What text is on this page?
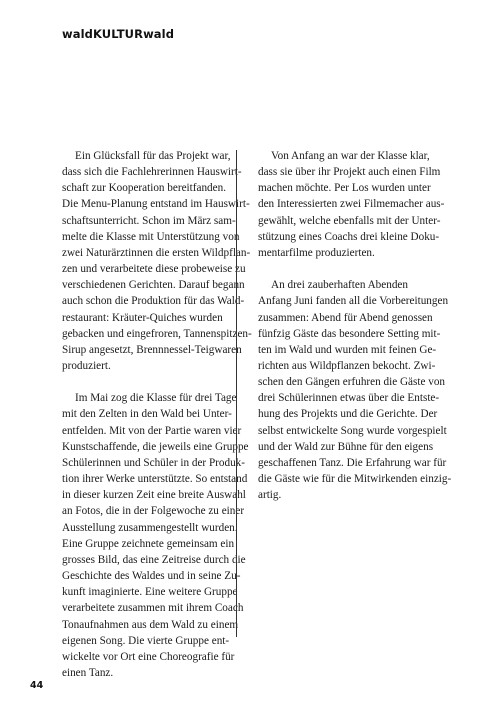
waldKULTURwald

Ein Glücksfall für das Projekt war,
dass sich die Fachlehrerinnen Hauswirt-
schaft zur Kooperation bereitfanden.
Die Menu-Planung entstand im Hauswirt-
schaftsunterricht. Schon im März sam-
melte die Klasse mit Unterstützung von
zwei Naturärztinnen die ersten Wildpflan-
zen und verarbeitete diese probeweise zu
verschiedenen Gerichten. Darauf begann
auch schon die Produktion für das Wald-
restaurant: Kräuter-Quiches wurden
gebacken und eingefroren, Tannenspitzen-
Sirup angesetzt, Brennnessel-Teigwaren
produziert.

Im Mai zog die Klasse für drei Tage
mit den Zelten in den Wald bei Unter-
entfelden. Mit von der Partie waren vier
Kunstschaffende, die jeweils eine Gruppe
Schülerinnen und Schüler in der Produk-
tion ihrer Werke unterstützte. So entstand
in dieser kurzen Zeit eine breite Auswahl
an Fotos, die in der Folgewoche zu einer
Ausstellung zusammengestellt wurden.
Eine Gruppe zeichnete gemeinsam ein
grosses Bild, das eine Zeitreise durch die
Geschichte des Waldes und in seine Zu-
kunft imaginierte. Eine weitere Gruppe
verarbeitete zusammen mit ihrem Coach
Tonaufnahmen aus dem Wald zu einem
eigenen Song. Die vierte Gruppe ent-
wickelte vor Ort eine Choreografie für
einen Tanz.

Von Anfang an war der Klasse klar,
dass sie über ihr Projekt auch einen Film
machen möchte. Per Los wurden unter
den Interessierten zwei Filmemacher aus-
gewählt, welche ebenfalls mit der Unter-
stützung eines Coachs drei kleine Doku-
mentarfilme produzierten.

An drei zauberhaften Abenden
Anfang Juni fanden all die Vorbereitungen
zusammen: Abend für Abend genossen
fünfzig Gäste das besondere Setting mit-
ten im Wald und wurden mit feinen Ge-
richten aus Wildpflanzen bekocht. Zwi-
schen den Gängen erfuhren die Gäste von
drei Schülerinnen etwas über die Entste-
hung des Projekts und die Gerichte. Der
selbst entwickelte Song wurde vorgespielt
und der Wald zur Bühne für den eigens
geschaffenen Tanz. Die Erfahrung war für
die Gäste wie für die Mitwirkenden einzig-
artig.

44
